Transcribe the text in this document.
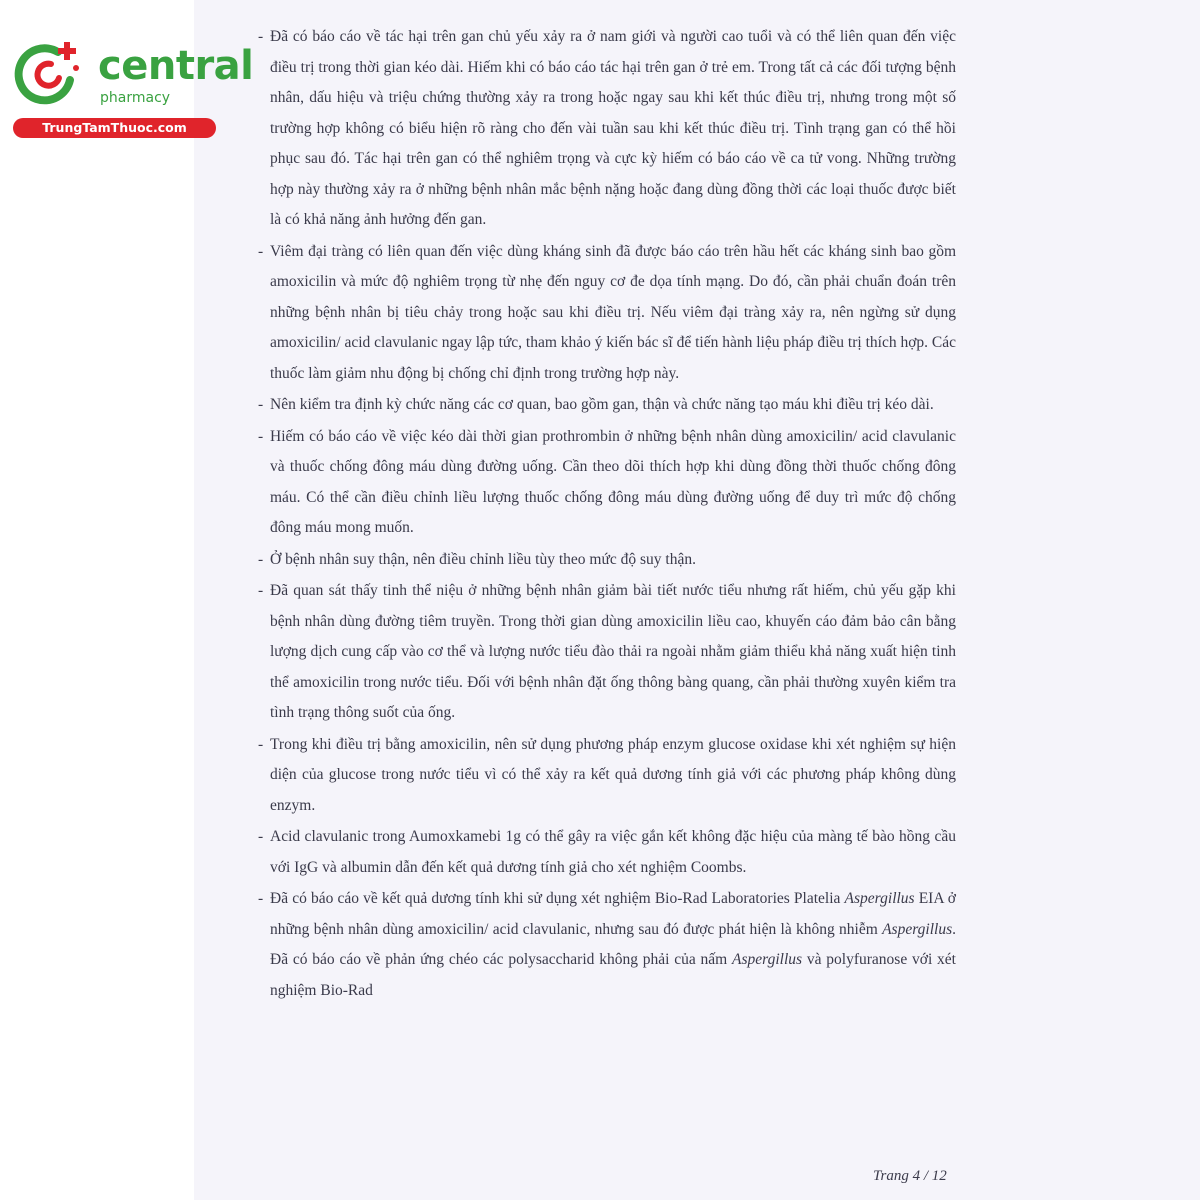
central
pharmacy
TrungTamThuoc.com
- Đã có báo cáo về tác hại trên gan chủ yếu xảy ra ở nam giới và người cao tuổi và có thể liên quan đến việc điều trị trong thời gian kéo dài. Hiếm khi có báo cáo tác hại trên gan ở trẻ em. Trong tất cả các đối tượng bệnh nhân, dấu hiệu và triệu chứng thường xảy ra trong hoặc ngay sau khi kết thúc điều trị, nhưng trong một số trường hợp không có biểu hiện rõ ràng cho đến vài tuần sau khi kết thúc điều trị. Tình trạng gan có thể hồi phục sau đó. Tác hại trên gan có thể nghiêm trọng và cực kỳ hiếm có báo cáo về ca tử vong. Những trường hợp này thường xảy ra ở những bệnh nhân mắc bệnh nặng hoặc đang dùng đồng thời các loại thuốc được biết là có khả năng ảnh hưởng đến gan.
- Viêm đại tràng có liên quan đến việc dùng kháng sinh đã được báo cáo trên hầu hết các kháng sinh bao gồm amoxicilin và mức độ nghiêm trọng từ nhẹ đến nguy cơ đe dọa tính mạng. Do đó, cần phải chuẩn đoán trên những bệnh nhân bị tiêu chảy trong hoặc sau khi điều trị. Nếu viêm đại tràng xảy ra, nên ngừng sử dụng amoxicilin/ acid clavulanic ngay lập tức, tham khảo ý kiến bác sĩ để tiến hành liệu pháp điều trị thích hợp. Các thuốc làm giảm nhu động bị chống chỉ định trong trường hợp này.
- Nên kiểm tra định kỳ chức năng các cơ quan, bao gồm gan, thận và chức năng tạo máu khi điều trị kéo dài.
- Hiếm có báo cáo về việc kéo dài thời gian prothrombin ở những bệnh nhân dùng amoxicilin/ acid clavulanic và thuốc chống đông máu dùng đường uống. Cần theo dõi thích hợp khi dùng đồng thời thuốc chống đông máu. Có thể cần điều chỉnh liều lượng thuốc chống đông máu dùng đường uống để duy trì mức độ chống đông máu mong muốn.
- Ở bệnh nhân suy thận, nên điều chỉnh liều tùy theo mức độ suy thận.
- Đã quan sát thấy tinh thể niệu ở những bệnh nhân giảm bài tiết nước tiểu nhưng rất hiếm, chủ yếu gặp khi bệnh nhân dùng đường tiêm truyền. Trong thời gian dùng amoxicilin liều cao, khuyến cáo đảm bảo cân bằng lượng dịch cung cấp vào cơ thể và lượng nước tiểu đào thải ra ngoài nhằm giảm thiểu khả năng xuất hiện tinh thể amoxicilin trong nước tiểu. Đối với bệnh nhân đặt ống thông bàng quang, cần phải thường xuyên kiểm tra tình trạng thông suốt của ống.
- Trong khi điều trị bằng amoxicilin, nên sử dụng phương pháp enzym glucose oxidase khi xét nghiệm sự hiện diện của glucose trong nước tiểu vì có thể xảy ra kết quả dương tính giả với các phương pháp không dùng enzym.
- Acid clavulanic trong Aumoxkamebi 1g có thể gây ra việc gắn kết không đặc hiệu của màng tế bào hồng cầu với IgG và albumin dẫn đến kết quả dương tính giả cho xét nghiệm Coombs.
- Đã có báo cáo về kết quả dương tính khi sử dụng xét nghiệm Bio-Rad Laboratories Platelia Aspergillus EIA ở những bệnh nhân dùng amoxicilin/ acid clavulanic, nhưng sau đó được phát hiện là không nhiễm Aspergillus. Đã có báo cáo về phản ứng chéo các polysaccharid không phải của nấm Aspergillus và polyfuranose với xét nghiệm Bio-Rad
Trang 4 / 12
